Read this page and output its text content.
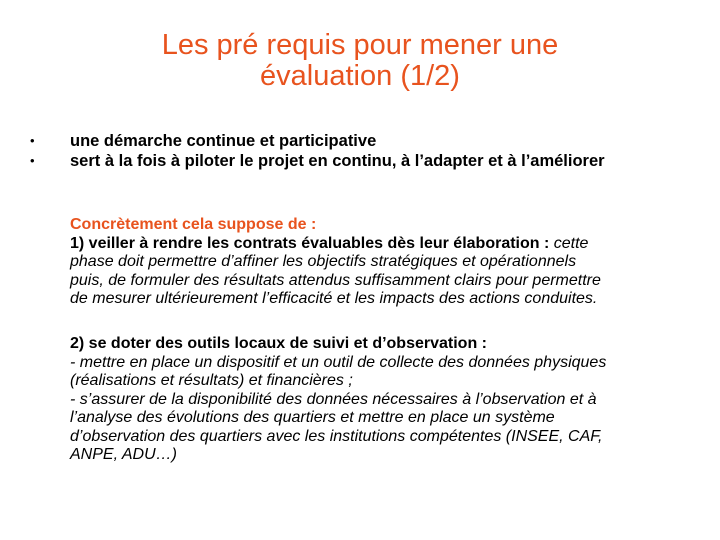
Les pré requis pour mener une
évaluation (1/2)
•	une démarche continue et participative
•	sert à la fois à piloter le projet en continu, à l’adapter et à l’améliorer
Concrètement cela suppose de :
1) veiller à rendre les contrats évaluables dès leur élaboration : cette
phase doit permettre d’affiner les objectifs stratégiques et opérationnels
puis, de formuler des résultats attendus suffisamment clairs pour permettre
de mesurer ultérieurement l’efficacité et les impacts des actions conduites.
2) se doter des outils locaux de suivi et d’observation :
- mettre en place un dispositif et un outil de collecte des données physiques
(réalisations et résultats) et financières ;
- s’assurer de la disponibilité des données nécessaires à l’observation et à
l’analyse des évolutions des quartiers et mettre en place un système
d’observation des quartiers avec les institutions compétentes (INSEE, CAF,
ANPE, ADU…)
